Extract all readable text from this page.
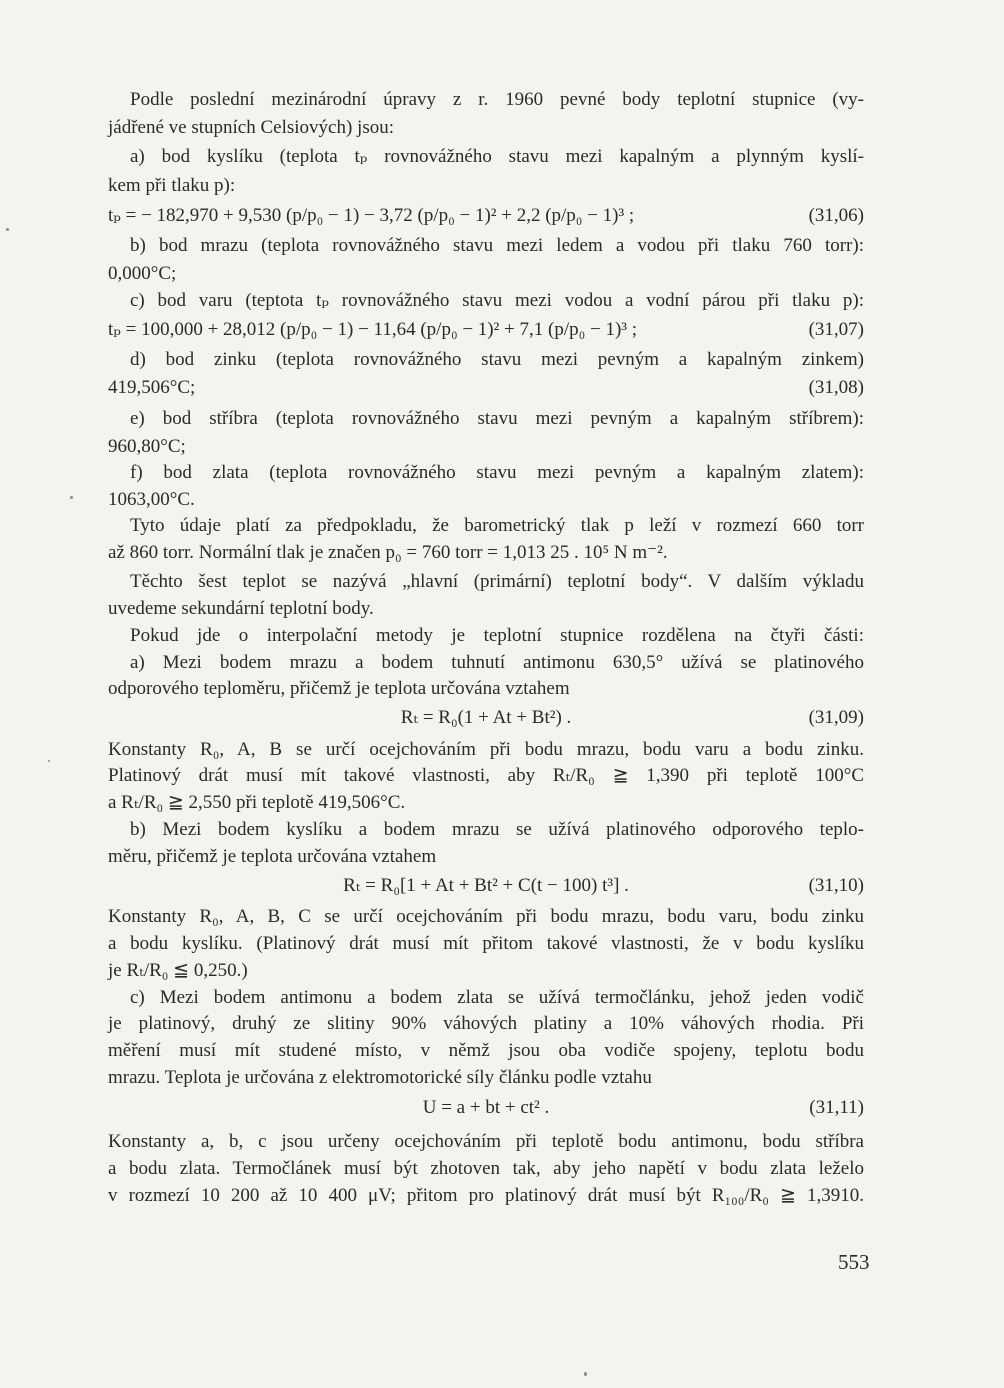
Podle poslední mezinárodní úpravy z r. 1960 pevné body teplotní stupnice (vy-
jádřené ve stupních Celsiových) jsou:
a) bod kyslíku (teplota tₚ rovnovážného stavu mezi kapalným a plynným kyslí-
kem při tlaku p):
tₚ = − 182,970 + 9,530 (p/p₀ − 1) − 3,72 (p/p₀ − 1)² + 2,2 (p/p₀ − 1)³ ;	(31,06)
b) bod mrazu (teplota rovnovážného stavu mezi ledem a vodou při tlaku 760 torr):
0,000°C;
c) bod varu (teptota tₚ rovnovážného stavu mezi vodou a vodní párou při tlaku p):
tₚ = 100,000 + 28,012 (p/p₀ − 1) − 11,64 (p/p₀ − 1)² + 7,1 (p/p₀ − 1)³ ;	(31,07)
d) bod zinku (teplota rovnovážného stavu mezi pevným a kapalným zinkem)
419,506°C;	(31,08)
e) bod stříbra (teplota rovnovážného stavu mezi pevným a kapalným stříbrem):
960,80°C;
f) bod zlata (teplota rovnovážného stavu mezi pevným a kapalným zlatem):
1063,00°C.
Tyto údaje platí za předpokladu, že barometrický tlak p leží v rozmezí 660 torr
až 860 torr. Normální tlak je značen p₀ = 760 torr = 1,013 25 . 10⁵ N m⁻².
Těchto šest teplot se nazývá „hlavní (primární) teplotní body“. V dalším výkladu
uvedeme sekundární teplotní body.
Pokud jde o interpolační metody je teplotní stupnice rozdělena na čtyři části:
a) Mezi bodem mrazu a bodem tuhnutí antimonu 630,5° užívá se platinového
odporového teploměru, přičemž je teplota určována vztahem
Rₜ = R₀(1 + At + Bt²) .	(31,09)
Konstanty R₀, A, B se určí ocejchováním při bodu mrazu, bodu varu a bodu zinku.
Platinový drát musí mít takové vlastnosti, aby Rₜ/R₀ ≧ 1,390 při teplotě 100°C
a Rₜ/R₀ ≧ 2,550 při teplotě 419,506°C.
b) Mezi bodem kyslíku a bodem mrazu se užívá platinového odporového teplo-
měru, přičemž je teplota určována vztahem
Rₜ = R₀[1 + At + Bt² + C(t − 100) t³] .	(31,10)
Konstanty R₀, A, B, C se určí ocejchováním při bodu mrazu, bodu varu, bodu zinku
a bodu kyslíku. (Platinový drát musí mít přitom takové vlastnosti, že v bodu kyslíku
je Rₜ/R₀ ≦ 0,250.)
c) Mezi bodem antimonu a bodem zlata se užívá termočlánku, jehož jeden vodič
je platinový, druhý ze slitiny 90% váhových platiny a 10% váhových rhodia. Při
měření musí mít studené místo, v němž jsou oba vodiče spojeny, teplotu bodu
mrazu. Teplota je určována z elektromotorické síly článku podle vztahu
U = a + bt + ct² .	(31,11)
Konstanty a, b, c jsou určeny ocejchováním při teplotě bodu antimonu, bodu stříbra
a bodu zlata. Termočlánek musí být zhotoven tak, aby jeho napětí v bodu zlata leželo
v rozmezí 10 200 až 10 400 μV; přitom pro platinový drát musí být R₁₀₀/R₀ ≧ 1,3910.
553
